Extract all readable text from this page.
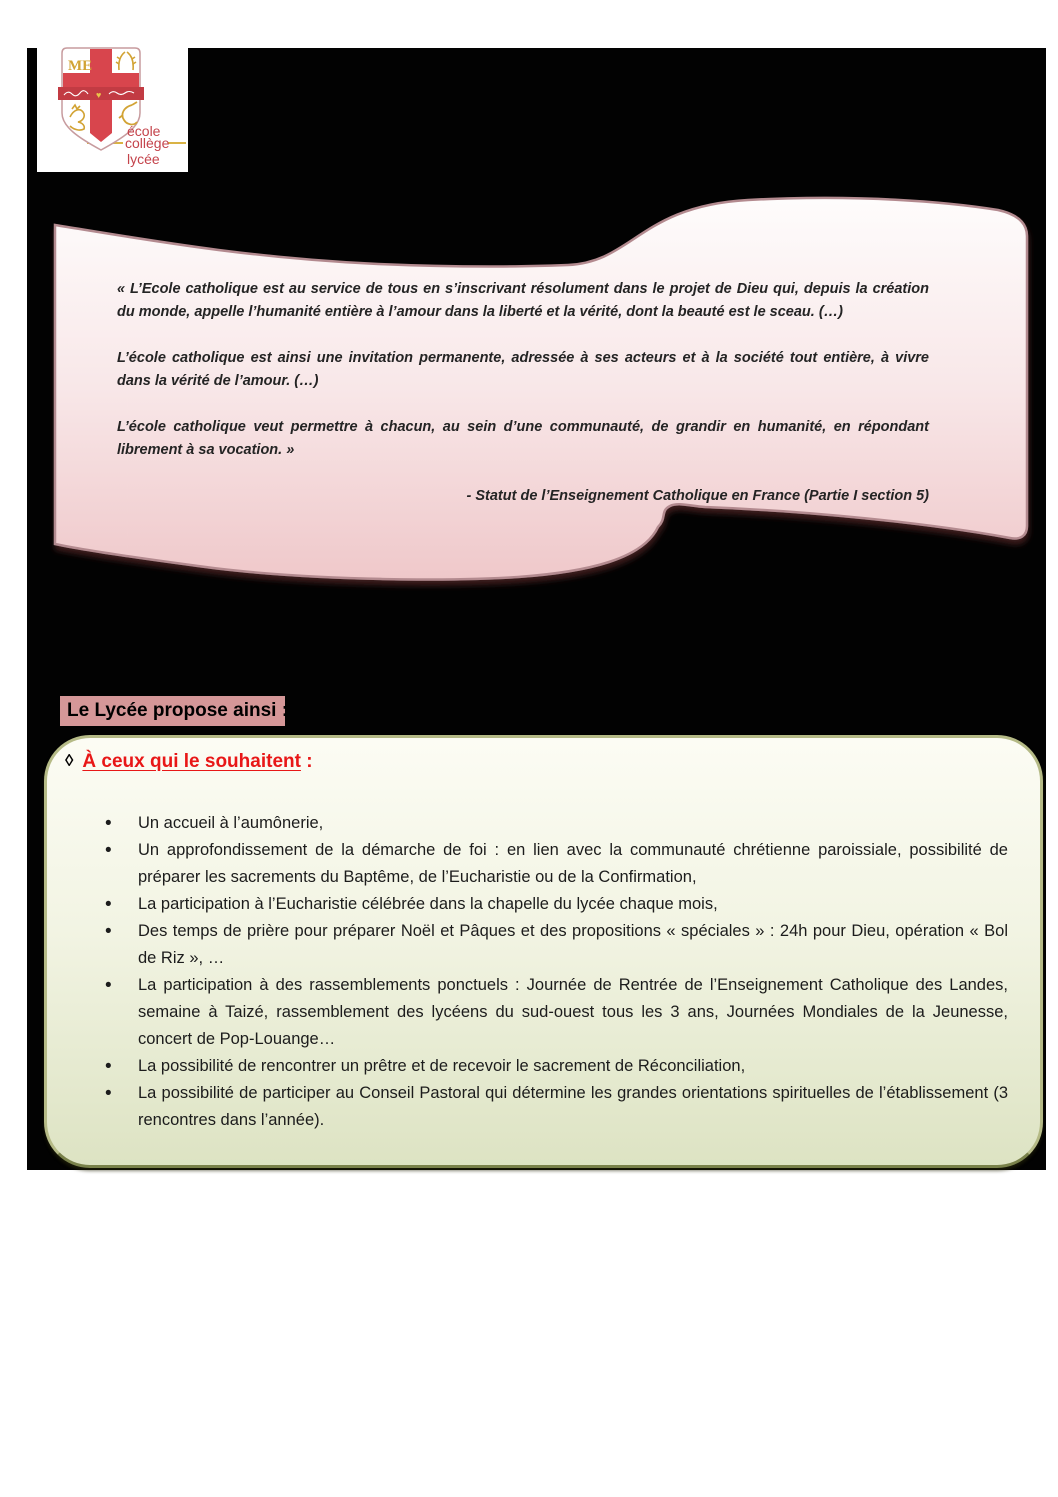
ME
♥
école
collège
lycée

« L’Ecole catholique est au service de tous en s’inscrivant résolument dans le projet de Dieu qui, depuis la création du monde, appelle l’humanité entière à l’amour dans la liberté et la vérité, dont la beauté est le sceau. (…)

L’école catholique est ainsi une invitation permanente, adressée à ses acteurs et à la société tout entière, à vivre dans la vérité de l’amour. (…)

L’école catholique veut permettre à chacun, au sein d’une communauté, de grandir en humanité, en répondant librement à sa vocation. »

- Statut de l’Enseignement Catholique en France (Partie I section 5)
Le Lycée propose ainsi :
◊ À ceux qui le souhaitent :
• Un accueil à l’aumônerie,
• Un approfondissement de la démarche de foi : en lien avec la communauté chrétienne paroissiale, possibilité de préparer les sacrements du Baptême, de l’Eucharistie ou de la Confirmation,
• La participation à l’Eucharistie célébrée dans la chapelle du lycée chaque mois,
• Des temps de prière pour préparer Noël et Pâques et des propositions « spéciales » : 24h pour Dieu, opération « Bol de Riz », …
• La participation à des rassemblements ponctuels : Journée de Rentrée de l’Enseignement Catholique des Landes, semaine à Taizé, rassemblement des lycéens du sud-ouest tous les 3 ans, Journées Mondiales de la Jeunesse, concert de Pop-Louange…
• La possibilité de rencontrer un prêtre et de recevoir le sacrement de Réconciliation,
• La possibilité de participer au Conseil Pastoral qui détermine les grandes orientations spirituelles de l’établissement (3 rencontres dans l’année).
